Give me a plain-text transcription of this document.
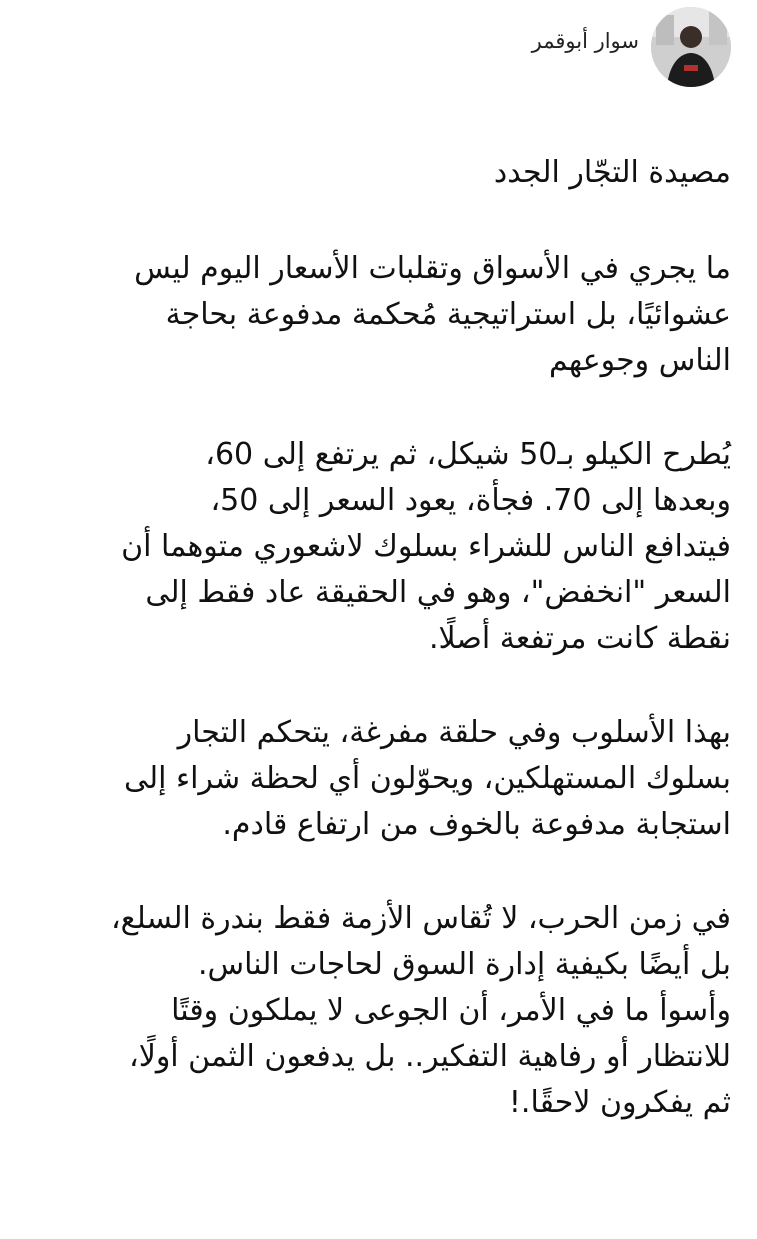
سوار أبوقمر
مصيدة التجّار الجدد
ما يجري في الأسواق وتقلبات الأسعار اليوم ليس
عشوائيًا، بل استراتيجية مُحكمة مدفوعة بحاجة
الناس وجوعهم
يُطرح الكيلو بـ50 شيكل، ثم يرتفع إلى 60،
وبعدها إلى 70. فجأة، يعود السعر إلى 50،
فيتدافع الناس للشراء بسلوك لاشعوري متوهما أن
السعر "انخفض"، وهو في الحقيقة عاد فقط إلى
نقطة كانت مرتفعة أصلًا.
بهذا الأسلوب وفي حلقة مفرغة، يتحكم التجار
بسلوك المستهلكين، ويحوّلون أي لحظة شراء إلى
استجابة مدفوعة بالخوف من ارتفاع قادم.
في زمن الحرب، لا تُقاس الأزمة فقط بندرة السلع،
بل أيضًا بكيفية إدارة السوق لحاجات الناس.
وأسوأ ما في الأمر، أن الجوعى لا يملكون وقتًا
للانتظار أو رفاهية التفكير.. بل يدفعون الثمن أولًا،
ثم يفكرون لاحقًا.!
